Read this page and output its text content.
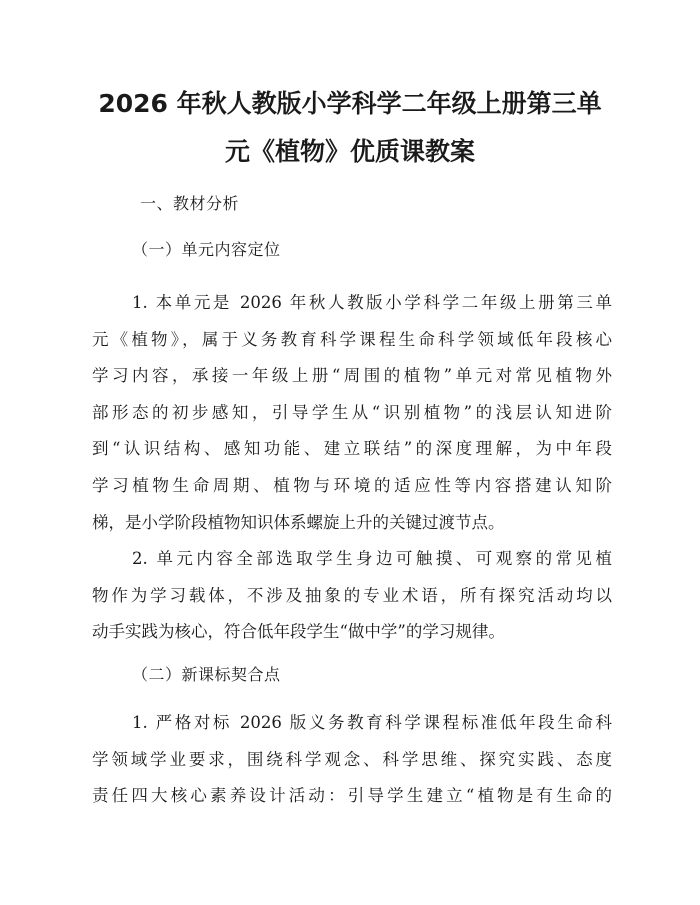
2026 年秋人教版小学科学二年级上册第三单
元《植物》优质课教案

一、教材分析

（一）单元内容定位

1. 本单元是 2026 年秋人教版小学科学二年级上册第三单
元《植物》，属于义务教育科学课程生命科学领域低年段核心
学习内容，承接一年级上册“周围的植物”单元对常见植物外
部形态的初步感知，引导学生从“识别植物”的浅层认知进阶
到“认识结构、感知功能、建立联结”的深度理解，为中年段
学习植物生命周期、植物与环境的适应性等内容搭建认知阶
梯，是小学阶段植物知识体系螺旋上升的关键过渡节点。
2. 单元内容全部选取学生身边可触摸、可观察的常见植
物作为学习载体，不涉及抽象的专业术语，所有探究活动均以
动手实践为核心，符合低年段学生“做中学”的学习规律。

（二）新课标契合点

1. 严格对标 2026 版义务教育科学课程标准低年段生命科
学领域学业要求，围绕科学观念、科学思维、探究实践、态度
责任四大核心素养设计活动：引导学生建立“植物是有生命的
